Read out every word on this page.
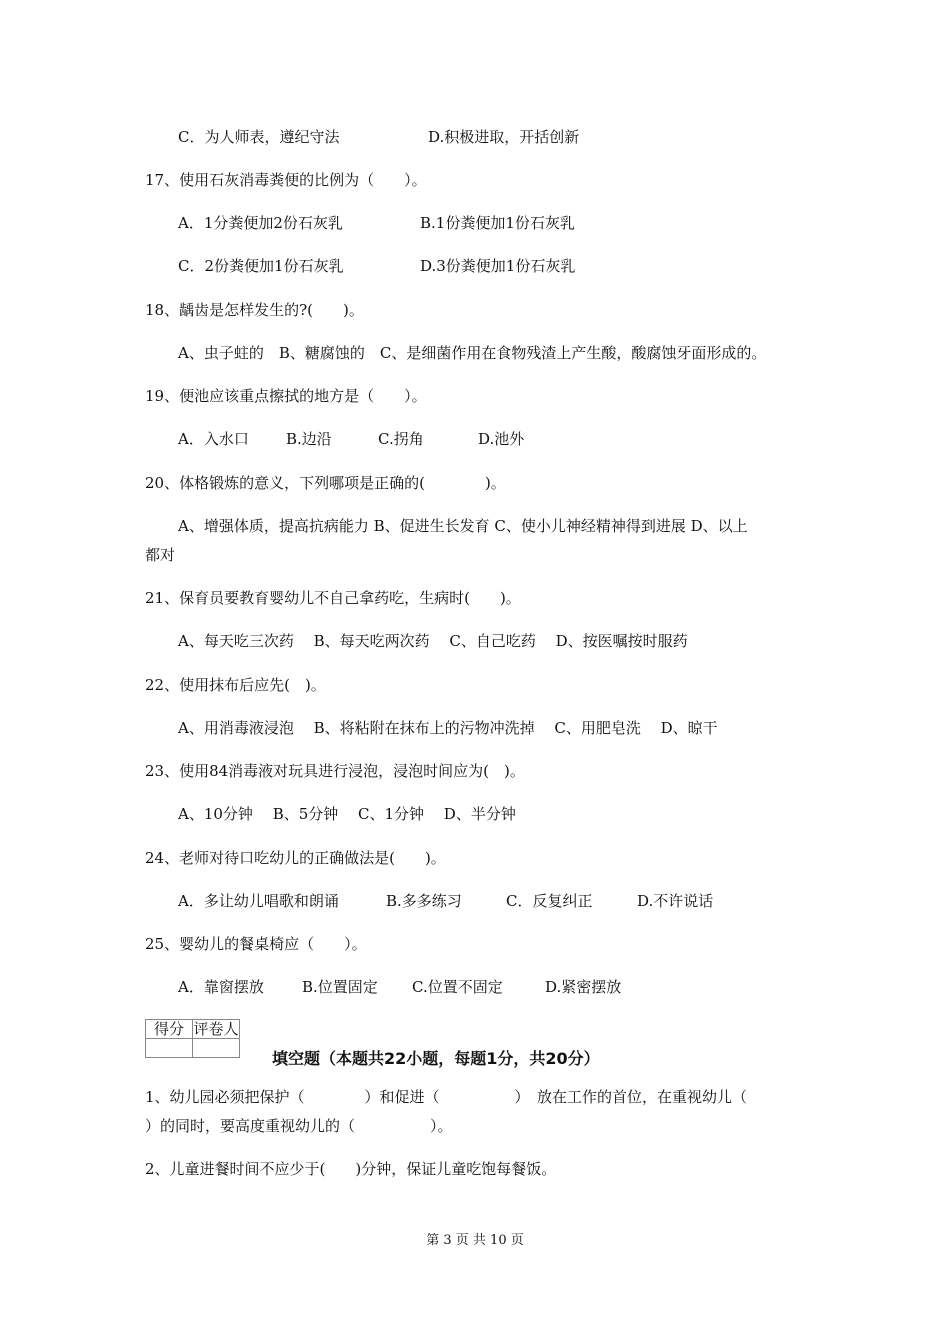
C．为人师表，遵纪守法	D.积极进取，开括创新
17、使用石灰消毒粪便的比例为（　　）。
A．1分粪便加2份石灰乳	B.1份粪便加1份石灰乳
C．2份粪便加1份石灰乳	D.3份粪便加1份石灰乳
18、龋齿是怎样发生的?(　　)。
A、虫子蛀的　B、糖腐蚀的　C、是细菌作用在食物残渣上产生酸，酸腐蚀牙面形成的。
19、便池应该重点擦拭的地方是（　　）。
A．入水口 B.边沿	C.拐角	D.池外
20、体格锻炼的意义，下列哪项是正确的(　　　　)。
A、增强体质，提高抗病能力 B、促进生长发育 C、使小儿神经精神得到进展 D、以上
都对
21、保育员要教育婴幼儿不自己拿药吃，生病时(　　)。
A、每天吃三次药　 B、每天吃两次药　 C、自己吃药　 D、按医嘱按时服药
22、使用抹布后应先(　)。
A、用消毒液浸泡　 B、将粘附在抹布上的污物冲洗掉　 C、用肥皂洗　 D、晾干
23、使用84消毒液对玩具进行浸泡，浸泡时间应为(　)。
A、10分钟　 B、5分钟　 C、1分钟　 D、半分钟
24、老师对待口吃幼儿的正确做法是(　　)。
A．多让幼儿唱歌和朗诵	B.多多练习	C．反复纠正	D.不许说话
25、婴幼儿的餐桌椅应（　　）。
A．靠窗摆放	B.位置固定 C.位置不固定	D.紧密摆放
1、幼儿园必须把保护（　　　　）和促进（　　　　　）　放在工作的首位，在重视幼儿（
）的同时，要高度重视幼儿的（　　　　　）。
2、儿童进餐时间不应少于(　　)分钟，保证儿童吃饱每餐饭。
得分	评卷人

填空题（本题共22小题，每题1分，共20分）
第 3 页 共 10 页
